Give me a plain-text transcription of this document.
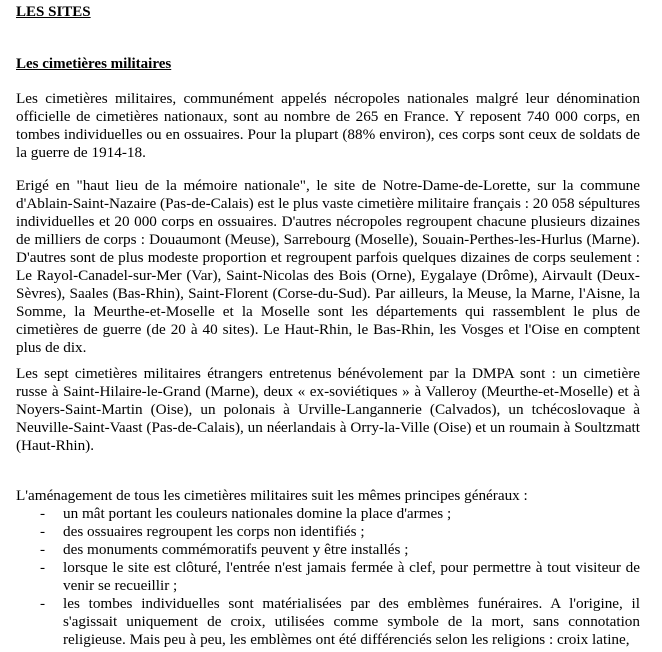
LES SITES
Les cimetières militaires

Les cimetières militaires, communément appelés nécropoles nationales malgré leur dénomination officielle de cimetières nationaux, sont au nombre de 265 en France. Y reposent 740 000 corps, en tombes individuelles ou en ossuaires. Pour la plupart (88% environ), ces corps sont ceux de soldats de la guerre de 1914-18.

Erigé en "haut lieu de la mémoire nationale", le site de Notre-Dame-de-Lorette, sur la commune d'Ablain-Saint-Nazaire (Pas-de-Calais) est le plus vaste cimetière militaire français : 20 058 sépultures individuelles et 20 000 corps en ossuaires. D'autres nécropoles regroupent chacune plusieurs dizaines de milliers de corps : Douaumont (Meuse), Sarrebourg (Moselle), Souain-Perthes-les-Hurlus (Marne). D'autres sont de plus modeste proportion et regroupent parfois quelques dizaines de corps seulement : Le Rayol-Canadel-sur-Mer (Var), Saint-Nicolas des Bois (Orne), Eygalaye (Drôme), Airvault (Deux-Sèvres), Saales (Bas-Rhin), Saint-Florent (Corse-du-Sud). Par ailleurs, la Meuse, la Marne, l'Aisne, la Somme, la Meurthe-et-Moselle et la Moselle sont les départements qui rassemblent le plus de cimetières de guerre (de 20 à 40 sites). Le Haut-Rhin, le Bas-Rhin, les Vosges et l'Oise en comptent plus de dix.

Les sept cimetières militaires étrangers entretenus bénévolement par la DMPA sont : un cimetière russe à Saint-Hilaire-le-Grand (Marne), deux « ex-soviétiques » à Valleroy (Meurthe-et-Moselle) et à Noyers-Saint-Martin (Oise), un polonais à Urville-Langannerie (Calvados), un tchécoslovaque à Neuville-Saint-Vaast (Pas-de-Calais), un néerlandais à Orry-la-Ville (Oise) et un roumain à Soultzmatt (Haut-Rhin).

L'aménagement de tous les cimetières militaires suit les mêmes principes généraux :

- un mât portant les couleurs nationales domine la place d'armes ;
- des ossuaires regroupent les corps non identifiés ;
- des monuments commémoratifs peuvent y être installés ;
- lorsque le site est clôturé, l'entrée n'est jamais fermée à clef, pour permettre à tout visiteur de venir se recueillir ;
- les tombes individuelles sont matérialisées par des emblèmes funéraires. A l'origine, il s'agissait uniquement de croix, utilisées comme symbole de la mort, sans connotation religieuse. Mais peu à peu, les emblèmes ont été différenciés selon les religions : croix latine,
